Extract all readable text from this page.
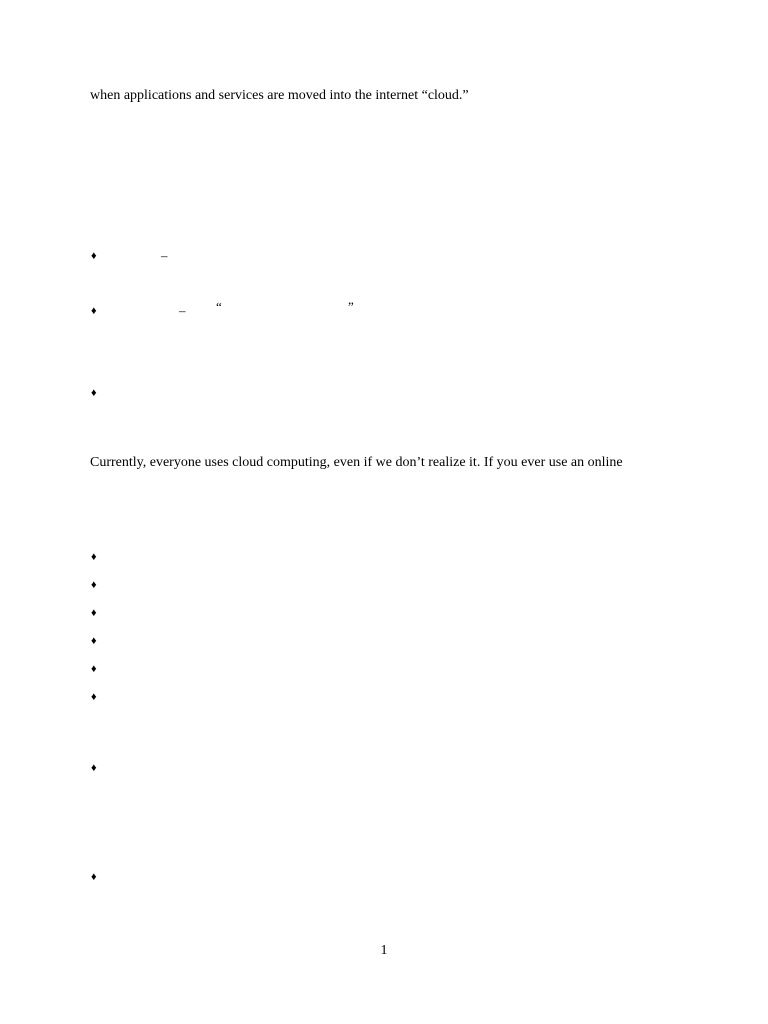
when applications and services are moved into the internet “cloud.”
♦	–
♦	– “	”
♦
Currently, everyone uses cloud computing, even if we don’t realize it. If you ever use an online
♦
♦
♦
♦
♦
♦
♦
♦
1
